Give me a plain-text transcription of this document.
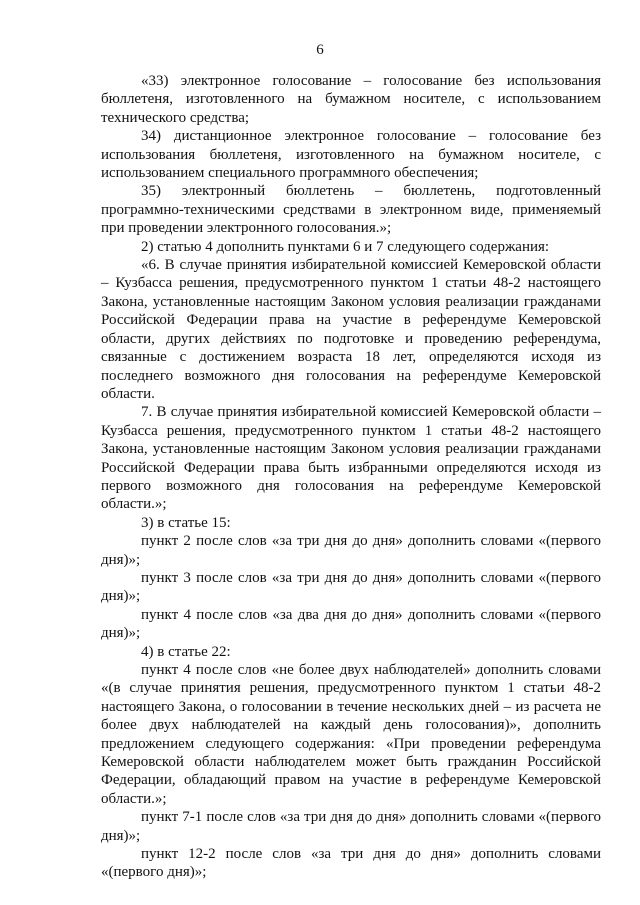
6

«33) электронное голосование – голосование без использования бюллетеня, изготовленного на бумажном носителе, с использованием технического средства;

34) дистанционное электронное голосование – голосование без использования бюллетеня, изготовленного на бумажном носителе, с использованием специального программного обеспечения;

35) электронный бюллетень – бюллетень, подготовленный программно-техническими средствами в электронном виде, применяемый при проведении электронного голосования.»;

2) статью 4 дополнить пунктами 6 и 7 следующего содержания:

«6. В случае принятия избирательной комиссией Кемеровской области – Кузбасса решения, предусмотренного пунктом 1 статьи 48-2 настоящего Закона, установленные настоящим Законом условия реализации гражданами Российской Федерации права на участие в референдуме Кемеровской области, других действиях по подготовке и проведению референдума, связанные с достижением возраста 18 лет, определяются исходя из последнего возможного дня голосования на референдуме Кемеровской области.

7. В случае принятия избирательной комиссией Кемеровской области – Кузбасса решения, предусмотренного пунктом 1 статьи 48-2 настоящего Закона, установленные настоящим Законом условия реализации гражданами Российской Федерации права быть избранными определяются исходя из первого возможного дня голосования на референдуме Кемеровской области.»;

3) в статье 15:

пункт 2 после слов «за три дня до дня» дополнить словами «(первого дня)»;

пункт 3 после слов «за три дня до дня» дополнить словами «(первого дня)»;

пункт 4 после слов «за два дня до дня» дополнить словами «(первого дня)»;

4) в статье 22:

пункт 4 после слов «не более двух наблюдателей» дополнить словами «(в случае принятия решения, предусмотренного пунктом 1 статьи 48-2 настоящего Закона, о голосовании в течение нескольких дней – из расчета не более двух наблюдателей на каждый день голосования)», дополнить предложением следующего содержания: «При проведении референдума Кемеровской области наблюдателем может быть гражданин Российской Федерации, обладающий правом на участие в референдуме Кемеровской области.»;

пункт 7-1 после слов «за три дня до дня» дополнить словами «(первого дня)»;

пункт 12-2 после слов «за три дня до дня» дополнить словами «(первого дня)»;
